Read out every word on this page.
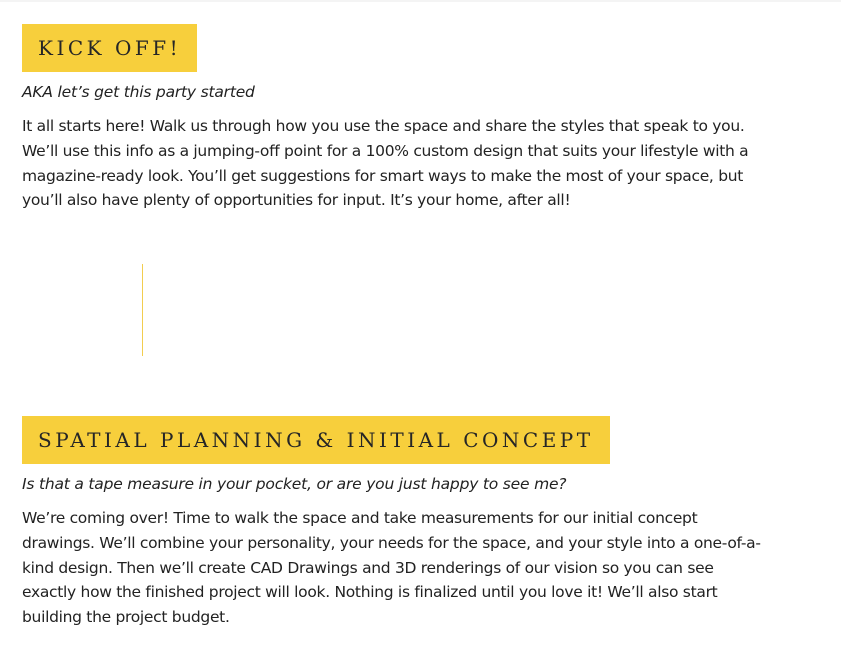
KICK OFF!

AKA let’s get this party started

It all starts here! Walk us through how you use the space and share the styles that speak to you. We’ll use this info as a jumping-off point for a 100% custom design that suits your lifestyle with a magazine-ready look. You’ll get suggestions for smart ways to make the most of your space, but you’ll also have plenty of opportunities for input. It’s your home, after all!

SPATIAL PLANNING & INITIAL CONCEPT

Is that a tape measure in your pocket, or are you just happy to see me?

We’re coming over! Time to walk the space and take measurements for our initial concept drawings. We’ll combine your personality, your needs for the space, and your style into a one-of-a-kind design. Then we’ll create CAD Drawings and 3D renderings of our vision so you can see exactly how the finished project will look. Nothing is finalized until you love it! We’ll also start building the project budget.
